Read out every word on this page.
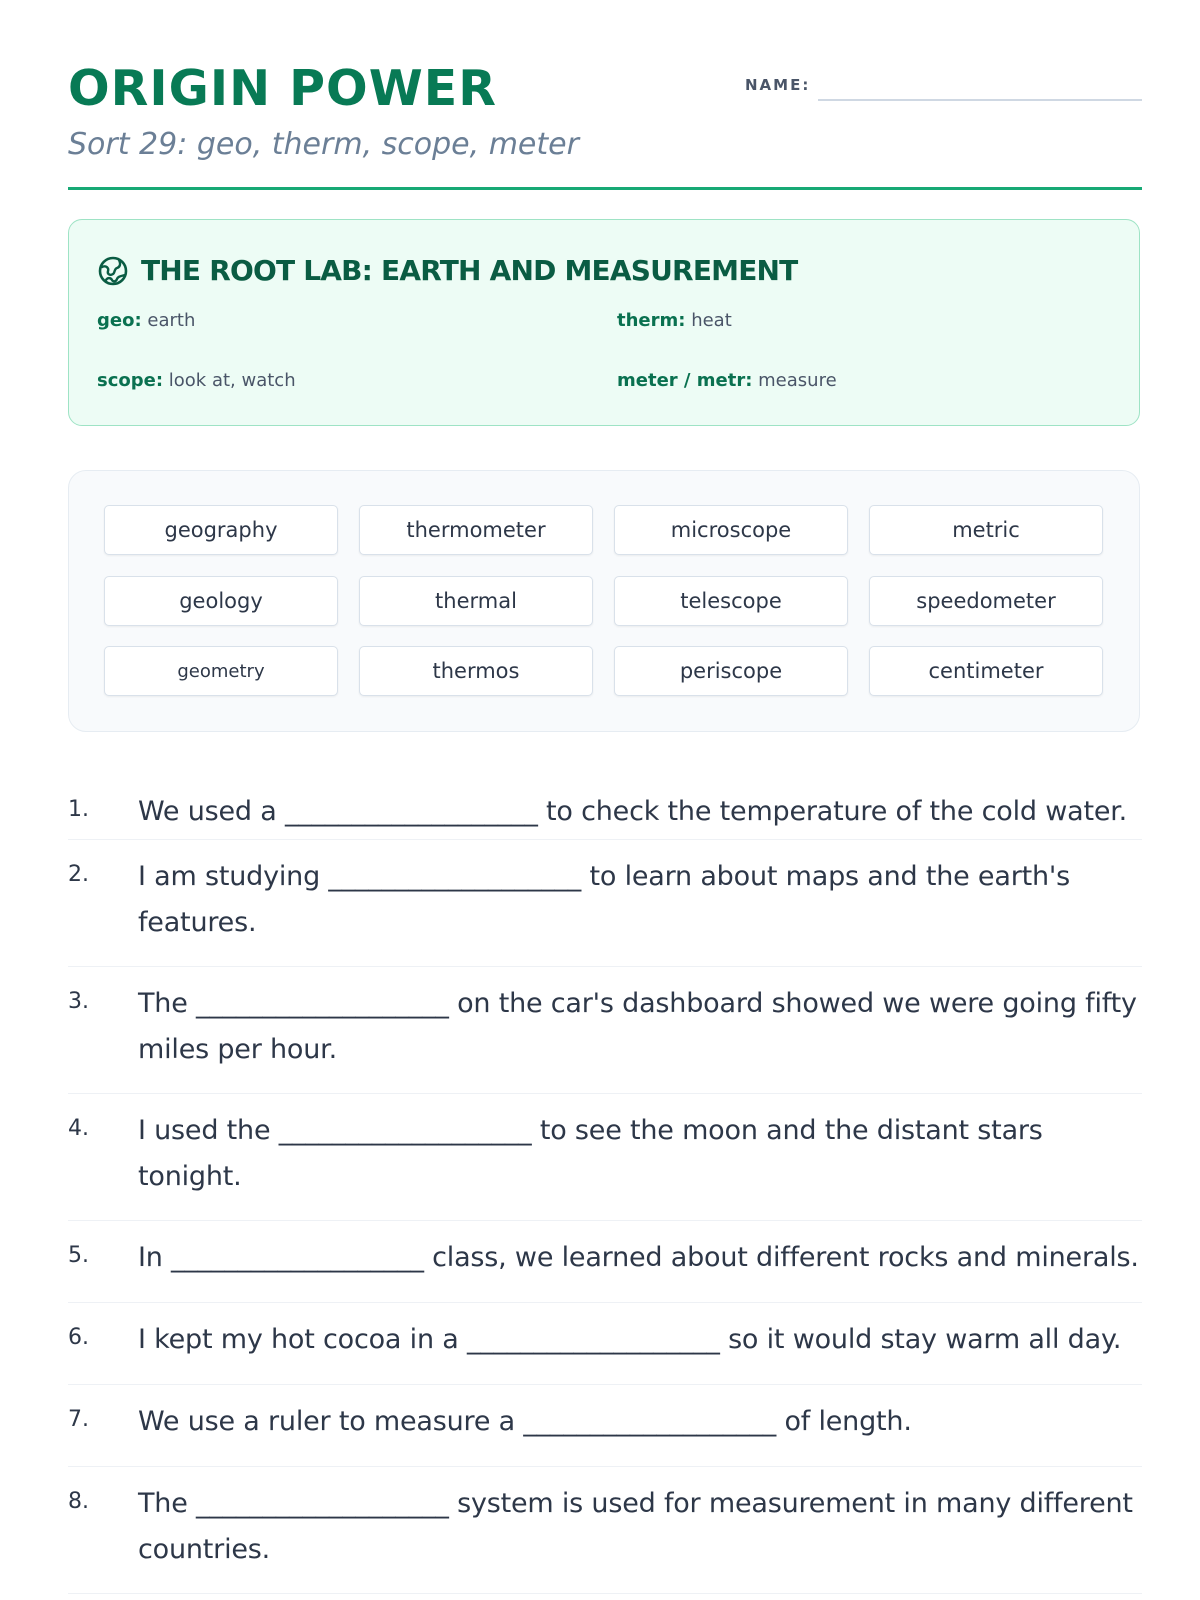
ORIGIN POWER
Sort 29: geo, therm, scope, meter
NAME:
THE ROOT LAB: EARTH AND MEASUREMENT
geo: earth	therm: heat
scope: look at, watch	meter / metr: measure
geography	thermometer	microscope	metric
geology	thermal	telescope	speedometer
geometry	thermos	periscope	centimeter
1.	We used a ___________________ to check the temperature of the cold water.
2.	I am studying ___________________ to learn about maps and the earth's features.
3.	The ___________________ on the car's dashboard showed we were going fifty miles per hour.
4.	I used the ___________________ to see the moon and the distant stars tonight.
5.	In ___________________ class, we learned about different rocks and minerals.
6.	I kept my hot cocoa in a ___________________ so it would stay warm all day.
7.	We use a ruler to measure a ___________________ of length.
8.	The ___________________ system is used for measurement in many different countries.
